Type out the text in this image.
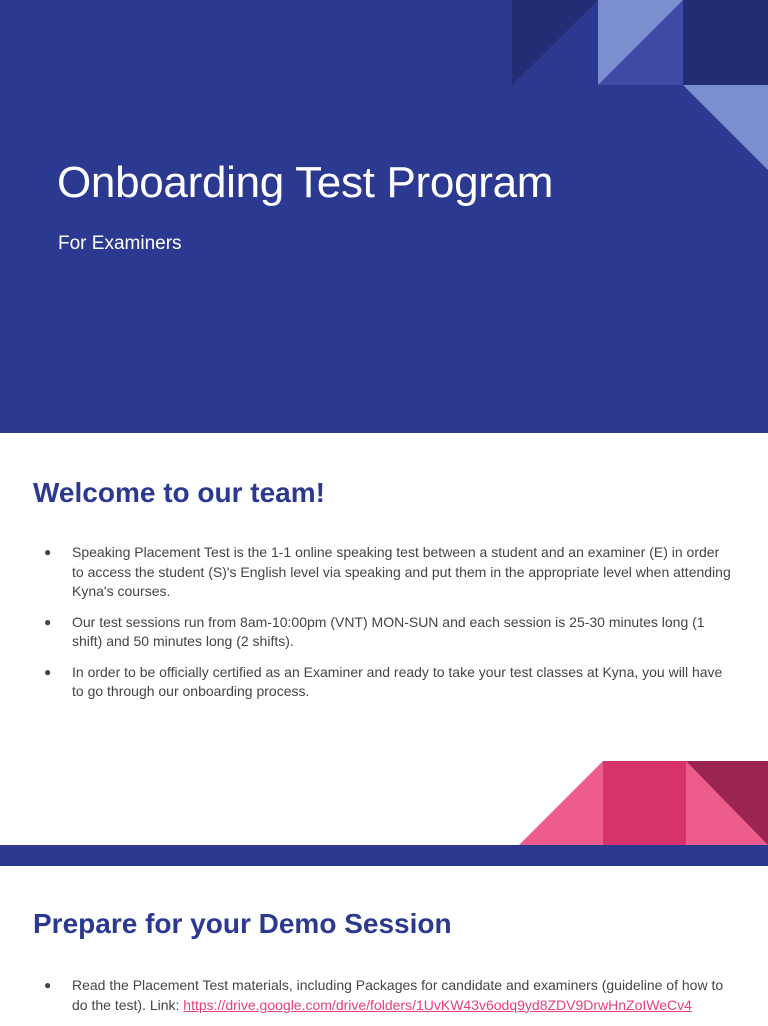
Onboarding Test Program

For Examiners

Welcome to our team!
● Speaking Placement Test is the 1-1 online speaking test between a student and an examiner (E) in order to access the student (S)'s English level via speaking and put them in the appropriate level when attending Kyna's courses.
● Our test sessions run from 8am-10:00pm (VNT) MON-SUN and each session is 25-30 minutes long (1 shift) and 50 minutes long (2 shifts).
● In order to be officially certified as an Examiner and ready to take your test classes at Kyna, you will have to go through our onboarding process.
Prepare for your Demo Session
● Read the Placement Test materials, including Packages for candidate and examiners (guideline of how to do the test). Link: https://drive.google.com/drive/folders/1UvKW43v6odq9yd8ZDV9DrwHnZoIWeCv4
